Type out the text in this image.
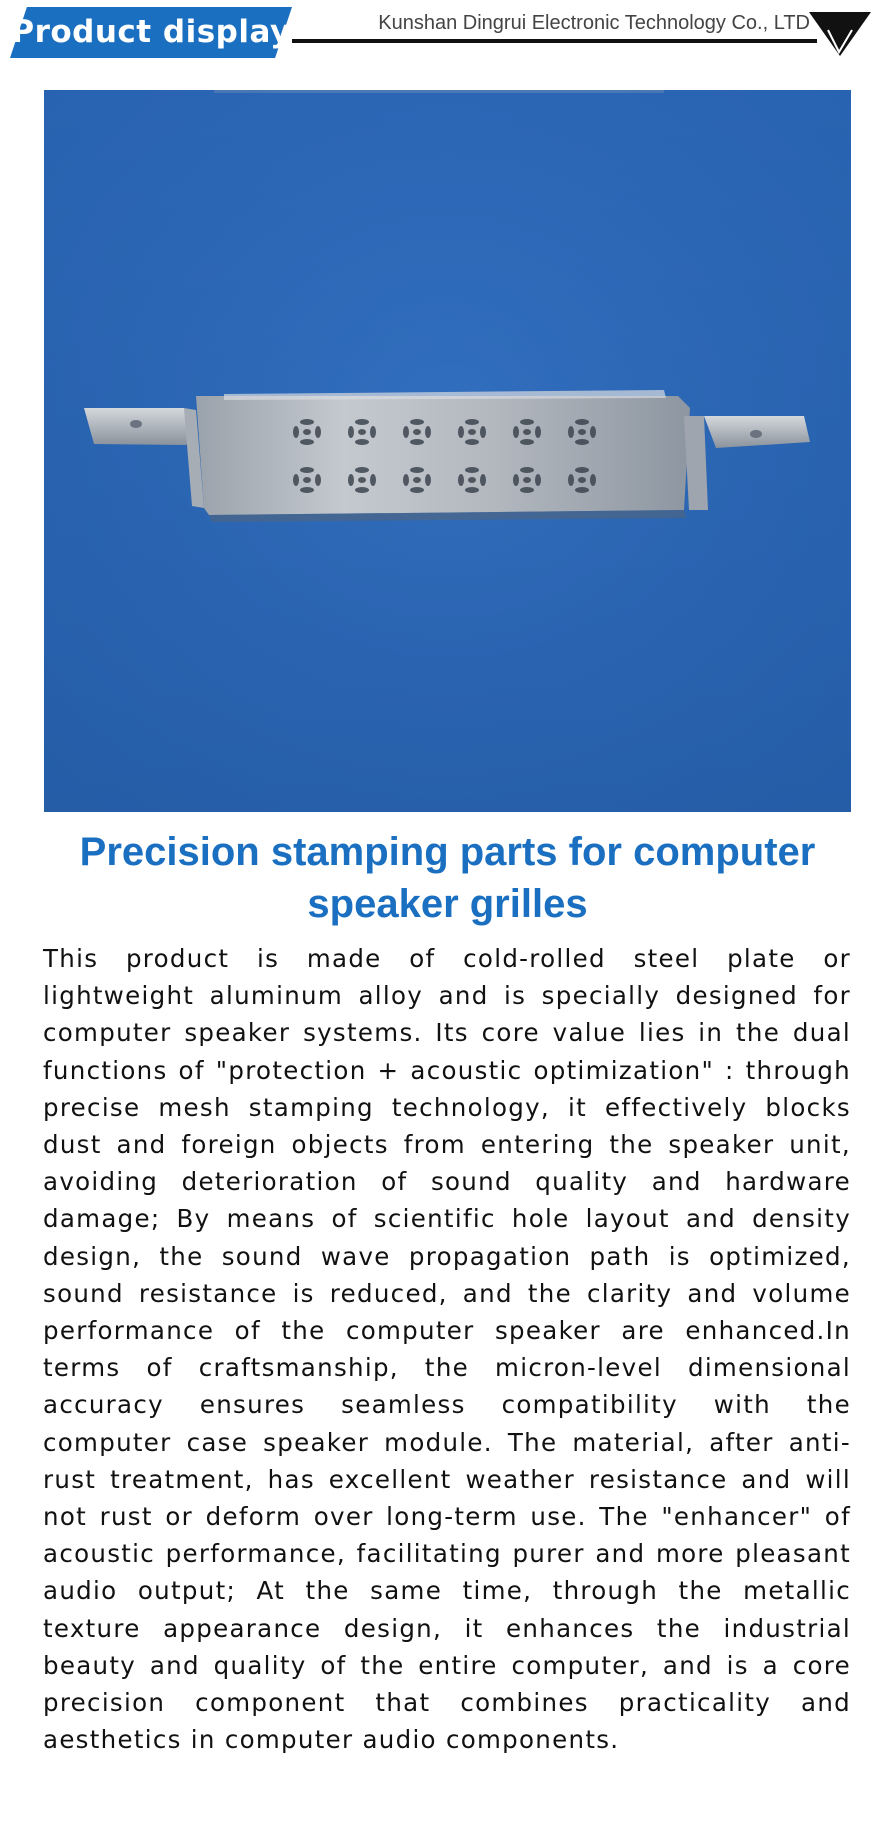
Product display	Kunshan Dingrui Electronic Technology Co., LTD
Precision stamping parts for computer speaker grilles

This product is made of cold-rolled steel plate or lightweight aluminum alloy and is specially designed for computer speaker systems. Its core value lies in the dual functions of "protection + acoustic optimization" : through precise mesh stamping technology, it effectively blocks dust and foreign objects from entering the speaker unit, avoiding deterioration of sound quality and hardware damage; By means of scientific hole layout and density design, the sound wave propagation path is optimized, sound resistance is reduced, and the clarity and volume performance of the computer speaker are enhanced.In terms of craftsmanship, the micron-level dimensional accuracy ensures seamless compatibility with the computer case speaker module. The material, after anti-rust treatment, has excellent weather resistance and will not rust or deform over long-term use. The "enhancer" of acoustic performance, facilitating purer and more pleasant audio output; At the same time, through the metallic texture appearance design, it enhances the industrial beauty and quality of the entire computer, and is a core precision component that combines practicality and aesthetics in computer audio components.
